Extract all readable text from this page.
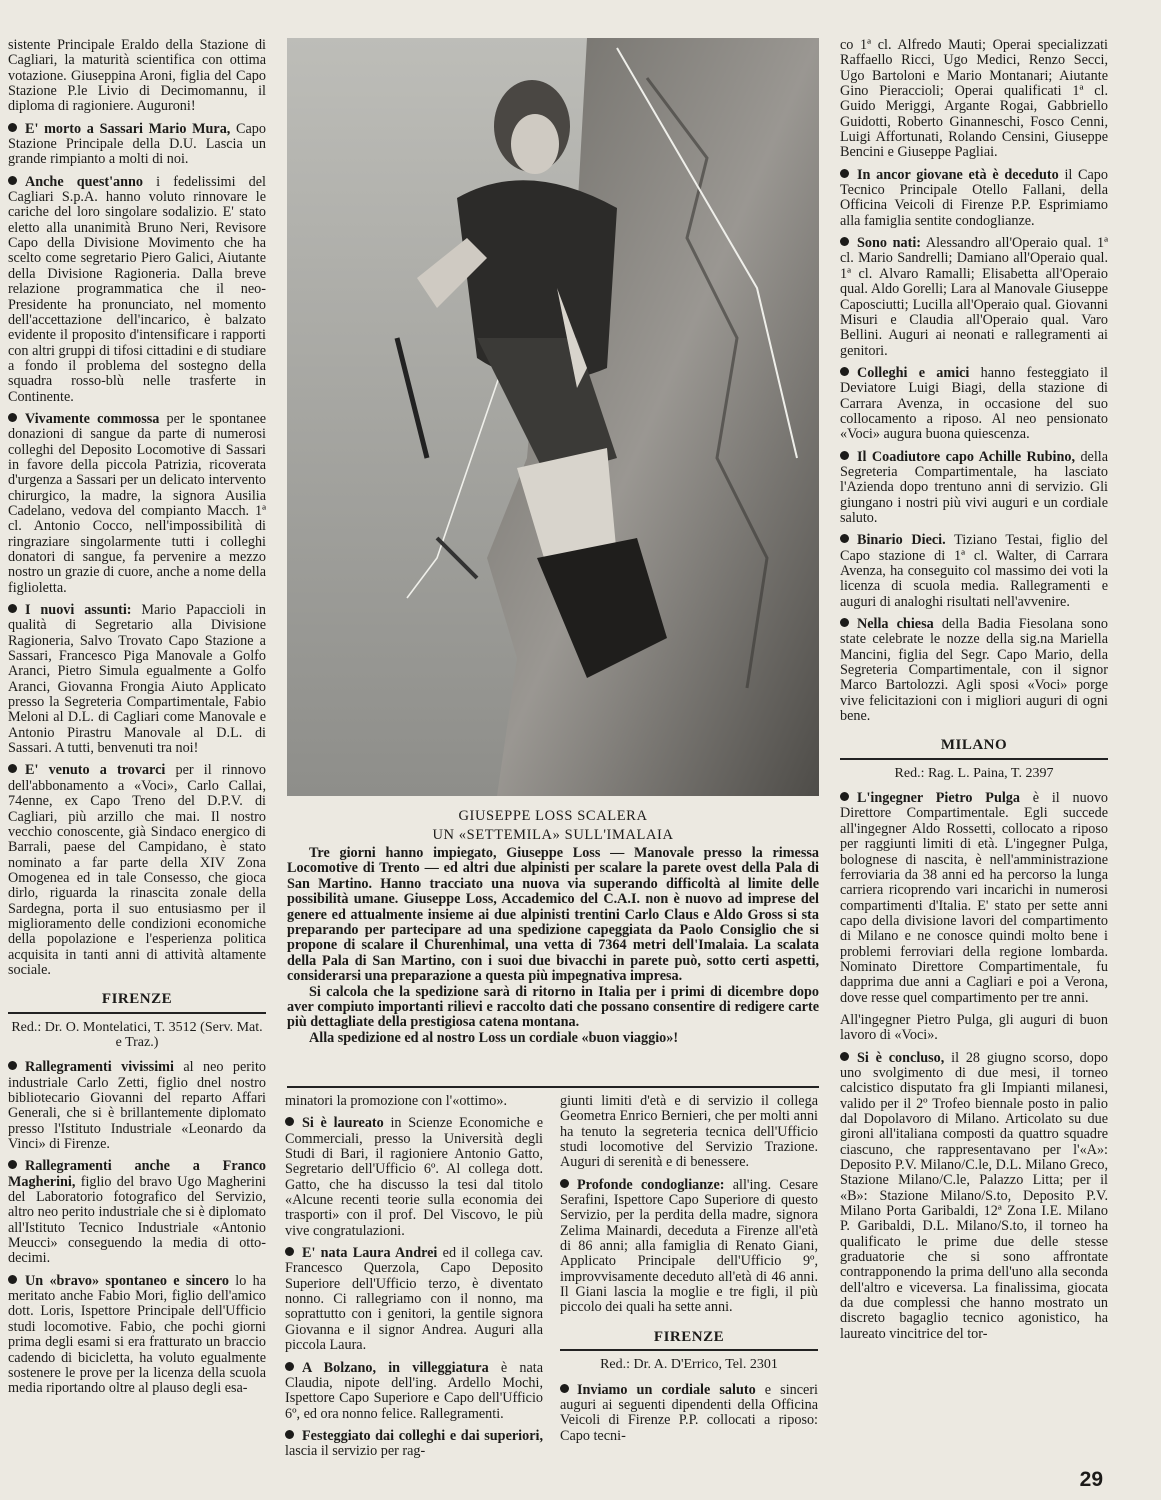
sistente Principale Eraldo della Stazione di Cagliari, la maturità scientifica con ottima votazione. Giuseppina Aroni, figlia del Capo Stazione P.le Livio di Decimomannu, il diploma di ragioniere. Auguroni!

E' morto a Sassari Mario Mura, Capo Stazione Principale della D.U. Lascia un grande rimpianto a molti di noi.

Anche quest'anno i fedelissimi del Cagliari S.p.A. hanno voluto rinnovare le cariche del loro singolare sodalizio. E' stato eletto alla unanimità Bruno Neri, Revisore Capo della Divisione Movimento che ha scelto come segretario Piero Galici, Aiutante della Divisione Ragioneria. Dalla breve relazione programmatica che il neo-Presidente ha pronunciato, nel momento dell'accettazione dell'incarico, è balzato evidente il proposito d'intensificare i rapporti con altri gruppi di tifosi cittadini e di studiare a fondo il problema del sostegno della squadra rosso-blù nelle trasferte in Continente.

Vivamente commossa per le spontanee donazioni di sangue da parte di numerosi colleghi del Deposito Locomotive di Sassari in favore della piccola Patrizia, ricoverata d'urgenza a Sassari per un delicato intervento chirurgico, la madre, la signora Ausilia Cadelano, vedova del compianto Macch. 1ª cl. Antonio Cocco, nell'impossibilità di ringraziare singolarmente tutti i colleghi donatori di sangue, fa pervenire a mezzo nostro un grazie di cuore, anche a nome della figlioletta.

I nuovi assunti: Mario Papaccioli in qualità di Segretario alla Divisione Ragioneria, Salvo Trovato Capo Stazione a Sassari, Francesco Piga Manovale a Golfo Aranci, Pietro Simula egualmente a Golfo Aranci, Giovanna Frongia Aiuto Applicato presso la Segreteria Compartimentale, Fabio Meloni al D.L. di Cagliari come Manovale e Antonio Pirastru Manovale al D.L. di Sassari. A tutti, benvenuti tra noi!

E' venuto a trovarci per il rinnovo dell'abbonamento a «Voci», Carlo Callai, 74enne, ex Capo Treno del D.P.V. di Cagliari, più arzillo che mai. Il nostro vecchio conoscente, già Sindaco energico di Barrali, paese del Campidano, è stato nominato a far parte della XIV Zona Omogenea ed in tale Consesso, che gioca dirlo, riguarda la rinascita zonale della Sardegna, porta il suo entusiasmo per il miglioramento delle condizioni economiche della popolazione e l'esperienza politica acquisita in tanti anni di attività altamente sociale.

FIRENZE
Red.: Dr. O. Montelatici, T. 3512 (Serv. Mat. e Traz.)

Rallegramenti vivissimi al neo perito industriale Carlo Zetti, figlio dnel nostro bibliotecario Giovanni del reparto Affari Generali, che si è brillantemente diplomato presso l'Istituto Industriale «Leonardo da Vinci» di Firenze.

Rallegramenti anche a Franco Magherini, figlio del bravo Ugo Magherini del Laboratorio fotografico del Servizio, altro neo perito industriale che si è diplomato all'Istituto Tecnico Industriale «Antonio Meucci» conseguendo la media di otto-decimi.

Un «bravo» spontaneo e sincero lo ha meritato anche Fabio Mori, figlio dell'amico dott. Loris, Ispettore Principale dell'Ufficio studi locomotive. Fabio, che pochi giorni prima degli esami si era fratturato un braccio cadendo di bicicletta, ha voluto egualmente sostenere le prove per la licenza della scuola media riportando oltre al plauso degli esa-

GIUSEPPE LOSS SCALERA
UN «SETTEMILA» SULL'IMALAIA

Tre giorni hanno impiegato, Giuseppe Loss — Manovale presso la rimessa Locomotive di Trento — ed altri due alpinisti per scalare la parete ovest della Pala di San Martino. Hanno tracciato una nuova via superando difficoltà al limite delle possibilità umane. Giuseppe Loss, Accademico del C.A.I. non è nuovo ad imprese del genere ed attualmente insieme ai due alpinisti trentini Carlo Claus e Aldo Gross si sta preparando per partecipare ad una spedizione capeggiata da Paolo Consiglio che si propone di scalare il Churenhimal, una vetta di 7364 metri dell'Imalaia. La scalata della Pala di San Martino, con i suoi due bivacchi in parete può, sotto certi aspetti, considerarsi una preparazione a questa più impegnativa impresa.

Si calcola che la spedizione sarà di ritorno in Italia per i primi di dicembre dopo aver compiuto importanti rilievi e raccolto dati che possano consentire di redigere carte più dettagliate della prestigiosa catena montana.

Alla spedizione ed al nostro Loss un cordiale «buon viaggio»!

minatori la promozione con l'«ottimo».

Si è laureato in Scienze Economiche e Commerciali, presso la Università degli Studi di Bari, il ragioniere Antonio Gatto, Segretario dell'Ufficio 6º. Al collega dott. Gatto, che ha discusso la tesi dal titolo «Alcune recenti teorie sulla economia dei trasporti» con il prof. Del Viscovo, le più vive congratulazioni.

E' nata Laura Andrei ed il collega cav. Francesco Querzola, Capo Deposito Superiore dell'Ufficio terzo, è diventato nonno. Ci rallegriamo con il nonno, ma soprattutto con i genitori, la gentile signora Giovanna e il signor Andrea. Auguri alla piccola Laura.

A Bolzano, in villeggiatura è nata Claudia, nipote dell'ing. Ardello Mochi, Ispettore Capo Superiore e Capo dell'Ufficio 6º, ed ora nonno felice. Rallegramenti.

Festeggiato dai colleghi e dai superiori, lascia il servizio per rag-

giunti limiti d'età e di servizio il collega Geometra Enrico Bernieri, che per molti anni ha tenuto la segreteria tecnica dell'Ufficio studi locomotive del Servizio Trazione. Auguri di serenità e di benessere.

Profonde condoglianze: all'ing. Cesare Serafini, Ispettore Capo Superiore di questo Servizio, per la perdita della madre, signora Zelima Mainardi, deceduta a Firenze all'età di 86 anni; alla famiglia di Renato Giani, Applicato Principale dell'Ufficio 9º, improvvisamente deceduto all'età di 46 anni. Il Giani lascia la moglie e tre figli, il più piccolo dei quali ha sette anni.

FIRENZE
Red.: Dr. A. D'Errico, Tel. 2301

Inviamo un cordiale saluto e sinceri auguri ai seguenti dipendenti della Officina Veicoli di Firenze P.P. collocati a riposo: Capo tecni-

co 1ª cl. Alfredo Mauti; Operai specializzati Raffaello Ricci, Ugo Medici, Renzo Secci, Ugo Bartoloni e Mario Montanari; Aiutante Gino Pieraccioli; Operai qualificati 1ª cl. Guido Meriggi, Argante Rogai, Gabbriello Guidotti, Roberto Ginanneschi, Fosco Cenni, Luigi Affortunati, Rolando Censini, Giuseppe Bencini e Giuseppe Pagliai.

In ancor giovane età è deceduto il Capo Tecnico Principale Otello Fallani, della Officina Veicoli di Firenze P.P. Esprimiamo alla famiglia sentite condoglianze.

Sono nati: Alessandro all'Operaio qual. 1ª cl. Mario Sandrelli; Damiano all'Operaio qual. 1ª cl. Alvaro Ramalli; Elisabetta all'Operaio qual. Aldo Gorelli; Lara al Manovale Giuseppe Caposciutti; Lucilla all'Operaio qual. Giovanni Misuri e Claudia all'Operaio qual. Varo Bellini. Auguri ai neonati e rallegramenti ai genitori.

Colleghi e amici hanno festeggiato il Deviatore Luigi Biagi, della stazione di Carrara Avenza, in occasione del suo collocamento a riposo. Al neo pensionato «Voci» augura buona quiescenza.

Il Coadiutore capo Achille Rubino, della Segreteria Compartimentale, ha lasciato l'Azienda dopo trentuno anni di servizio. Gli giungano i nostri più vivi auguri e un cordiale saluto.

Binario Dieci. Tiziano Testai, figlio del Capo stazione di 1ª cl. Walter, di Carrara Avenza, ha conseguito col massimo dei voti la licenza di scuola media. Rallegramenti e auguri di analoghi risultati nell'avvenire.

Nella chiesa della Badia Fiesolana sono state celebrate le nozze della sig.na Mariella Mancini, figlia del Segr. Capo Mario, della Segreteria Compartimentale, con il signor Marco Bartolozzi. Agli sposi «Voci» porge vive felicitazioni con i migliori auguri di ogni bene.

MILANO
Red.: Rag. L. Paina, T. 2397

L'ingegner Pietro Pulga è il nuovo Direttore Compartimentale. Egli succede all'ingegner Aldo Rossetti, collocato a riposo per raggiunti limiti di età. L'ingegner Pulga, bolognese di nascita, è nell'amministrazione ferroviaria da 38 anni ed ha percorso la lunga carriera ricoprendo vari incarichi in numerosi compartimenti d'Italia. E' stato per sette anni capo della divisione lavori del compartimento di Milano e ne conosce quindi molto bene i problemi ferroviari della regione lombarda. Nominato Direttore Compartimentale, fu dapprima due anni a Cagliari e poi a Verona, dove resse quel compartimento per tre anni.

All'ingegner Pietro Pulga, gli auguri di buon lavoro di «Voci».

Si è concluso, il 28 giugno scorso, dopo uno svolgimento di due mesi, il torneo calcistico disputato fra gli Impianti milanesi, valido per il 2º Trofeo biennale posto in palio dal Dopolavoro di Milano. Articolato su due gironi all'italiana composti da quattro squadre ciascuno, che rappresentavano per l'«A»: Deposito P.V. Milano/C.le, D.L. Milano Greco, Stazione Milano/C.le, Palazzo Litta; per il «B»: Stazione Milano/S.to, Deposito P.V. Milano Porta Garibaldi, 12ª Zona I.E. Milano P. Garibaldi, D.L. Milano/S.to, il torneo ha qualificato le prime due delle stesse graduatorie che si sono affrontate contrapponendo la prima dell'uno alla seconda dell'altro e viceversa. La finalissima, giocata da due complessi che hanno mostrato un discreto bagaglio tecnico agonistico, ha laureato vincitrice del tor-

29
